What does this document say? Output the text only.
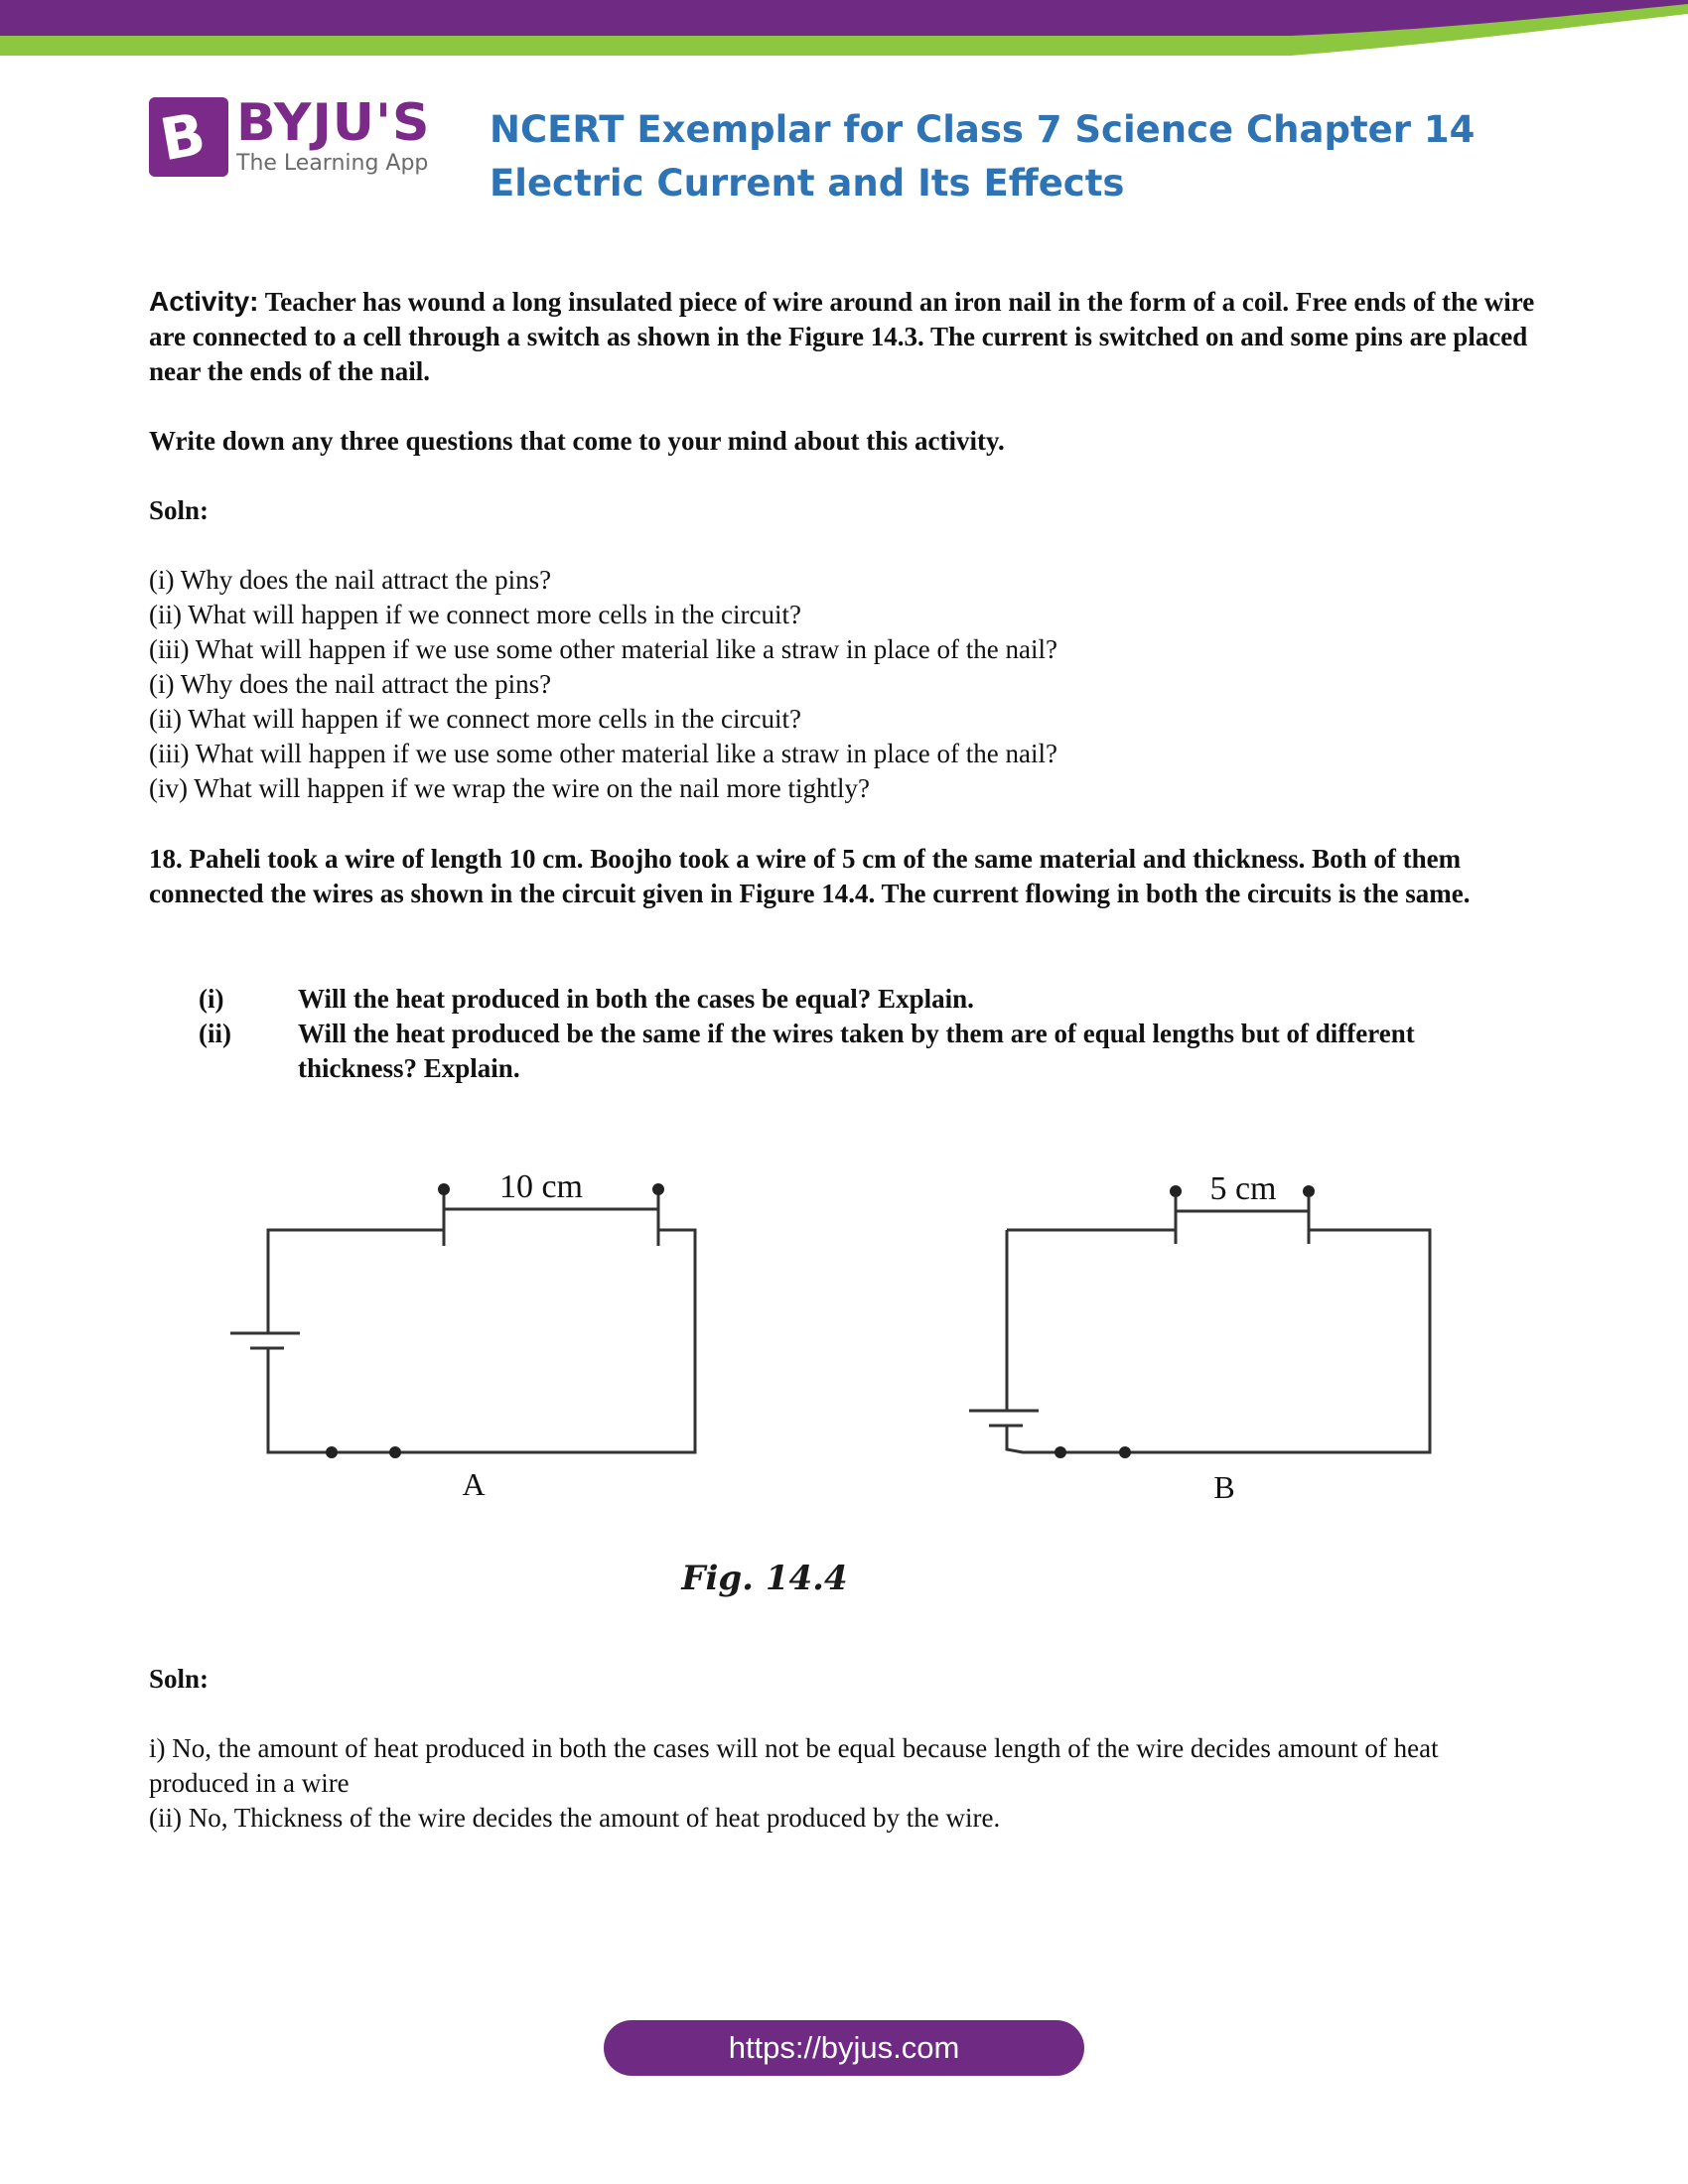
B BYJU'S
The Learning App
NCERT Exemplar for Class 7 Science Chapter 14 Electric Current and Its Effects

Activity: Teacher has wound a long insulated piece of wire around an iron nail in the form of a coil. Free ends of the wire are connected to a cell through a switch as shown in the Figure 14.3. The current is switched on and some pins are placed near the ends of the nail.

Write down any three questions that come to your mind about this activity.

Soln:

(i) Why does the nail attract the pins?
(ii) What will happen if we connect more cells in the circuit?
(iii) What will happen if we use some other material like a straw in place of the nail?
(i) Why does the nail attract the pins?
(ii) What will happen if we connect more cells in the circuit?
(iii) What will happen if we use some other material like a straw in place of the nail?
(iv) What will happen if we wrap the wire on the nail more tightly?

18. Paheli took a wire of length 10 cm. Boojho took a wire of 5 cm of the same material and thickness. Both of them connected the wires as shown in the circuit given in Figure 14.4. The current flowing in both the circuits is the same.

(i)	Will the heat produced in both the cases be equal? Explain.
(ii) Will the heat produced be the same if the wires taken by them are of equal lengths but of different thickness? Explain.
10 cm
A
5 cm
B
Fig. 14.4

Soln:

i) No, the amount of heat produced in both the cases will not be equal because length of the wire decides amount of heat produced in a wire
(ii) No, Thickness of the wire decides the amount of heat produced by the wire.
https://byjus.com
